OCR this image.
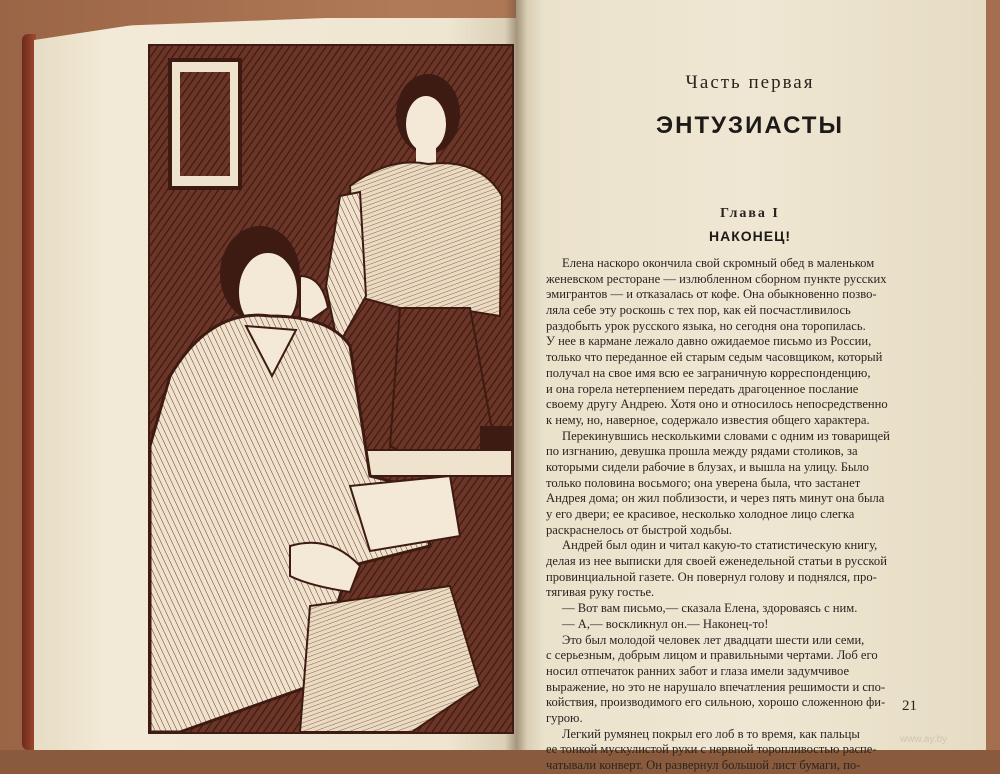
Часть первая
ЭНТУЗИАСТЫ
Глава I
НАКОНЕЦ!
Елена наскоро окончила свой скромный обед в маленьком
женевском ресторане — излюбленном сборном пункте русских
эмигрантов — и отказалась от кофе. Она обыкновенно позво-
ляла себе эту роскошь с тех пор, как ей посчастливилось
раздобыть урок русского языка, но сегодня она торопилась.
У нее в кармане лежало давно ожидаемое письмо из России,
только что переданное ей старым седым часовщиком, который
получал на свое имя всю ее заграничную корреспонденцию,
и она горела нетерпением передать драгоценное послание
своему другу Андрею. Хотя оно и относилось непосредственно
к нему, но, наверное, содержало известия общего характера.
Перекинувшись несколькими словами с одним из товарищей
по изгнанию, девушка прошла между рядами столиков, за
которыми сидели рабочие в блузах, и вышла на улицу. Было
только половина восьмого; она уверена была, что застанет
Андрея дома; он жил поблизости, и через пять минут она была
у его двери; ее красивое, несколько холодное лицо слегка
раскраснелось от быстрой ходьбы.
Андрей был один и читал какую-то статистическую книгу,
делая из нее выписки для своей еженедельной статьи в русской
провинциальной газете. Он повернул голову и поднялся, про-
тягивая руку гостье.
— Вот вам письмо,— сказала Елена, здороваясь с ним.
— А,— воскликнул он.— Наконец-то!
Это был молодой человек лет двадцати шести или семи,
с серьезным, добрым лицом и правильными чертами. Лоб его
носил отпечаток ранних забот и глаза имели задумчивое
выражение, но это не нарушало впечатления решимости и спо-
койствия, производимого его сильною, хорошо сложенною фи-
гурою.
Легкий румянец покрыл его лоб в то время, как пальцы
ее тонкой мускулистой руки с нервной торопливостью распе-
чатывали конверт. Он развернул большой лист бумаги, по-
21
www.ay.by
